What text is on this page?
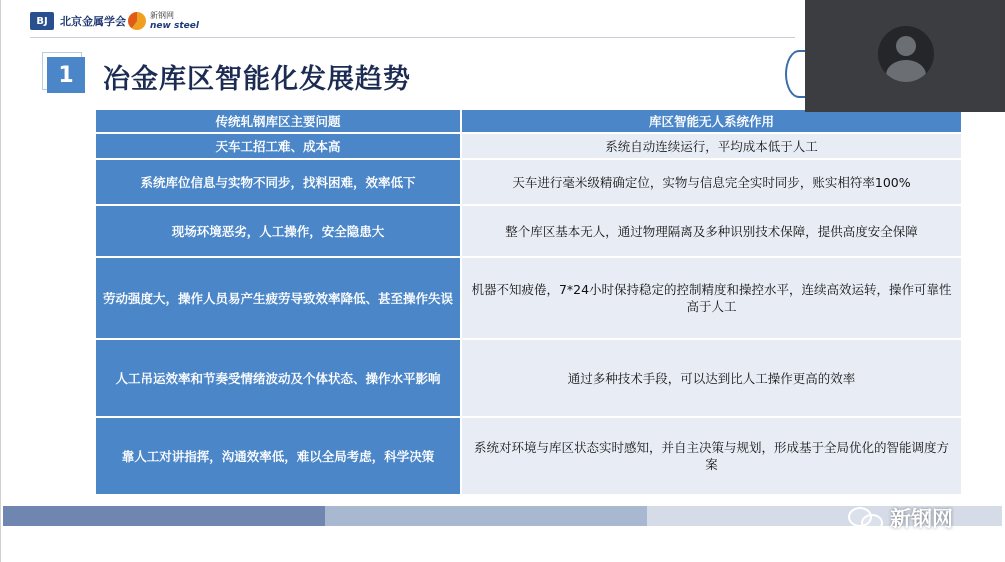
BJ	北京金属学会	新钢网
new steel
1	冶金库区智能化发展趋势
传统轧钢库区主要问题	库区智能无人系统作用
天车工招工难、成本高	系统自动连续运行，平均成本低于人工
系统库位信息与实物不同步，找料困难，效率低下	天车进行毫米级精确定位，实物与信息完全实时同步，账实相符率100%
现场环境恶劣，人工操作，安全隐患大	整个库区基本无人，通过物理隔离及多种识别技术保障，提供高度安全保障
劳动强度大，操作人员易产生疲劳导致效率降低、甚至操作失误	机器不知疲倦，7*24小时保持稳定的控制精度和操控水平，连续高效运转，操作可靠性高于人工
人工吊运效率和节奏受情绪波动及个体状态、操作水平影响	通过多种技术手段，可以达到比人工操作更高的效率
靠人工对讲指挥，沟通效率低，难以全局考虑，科学决策	系统对环境与库区状态实时感知，并自主决策与规划，形成基于全局优化的智能调度方案
新钢网
